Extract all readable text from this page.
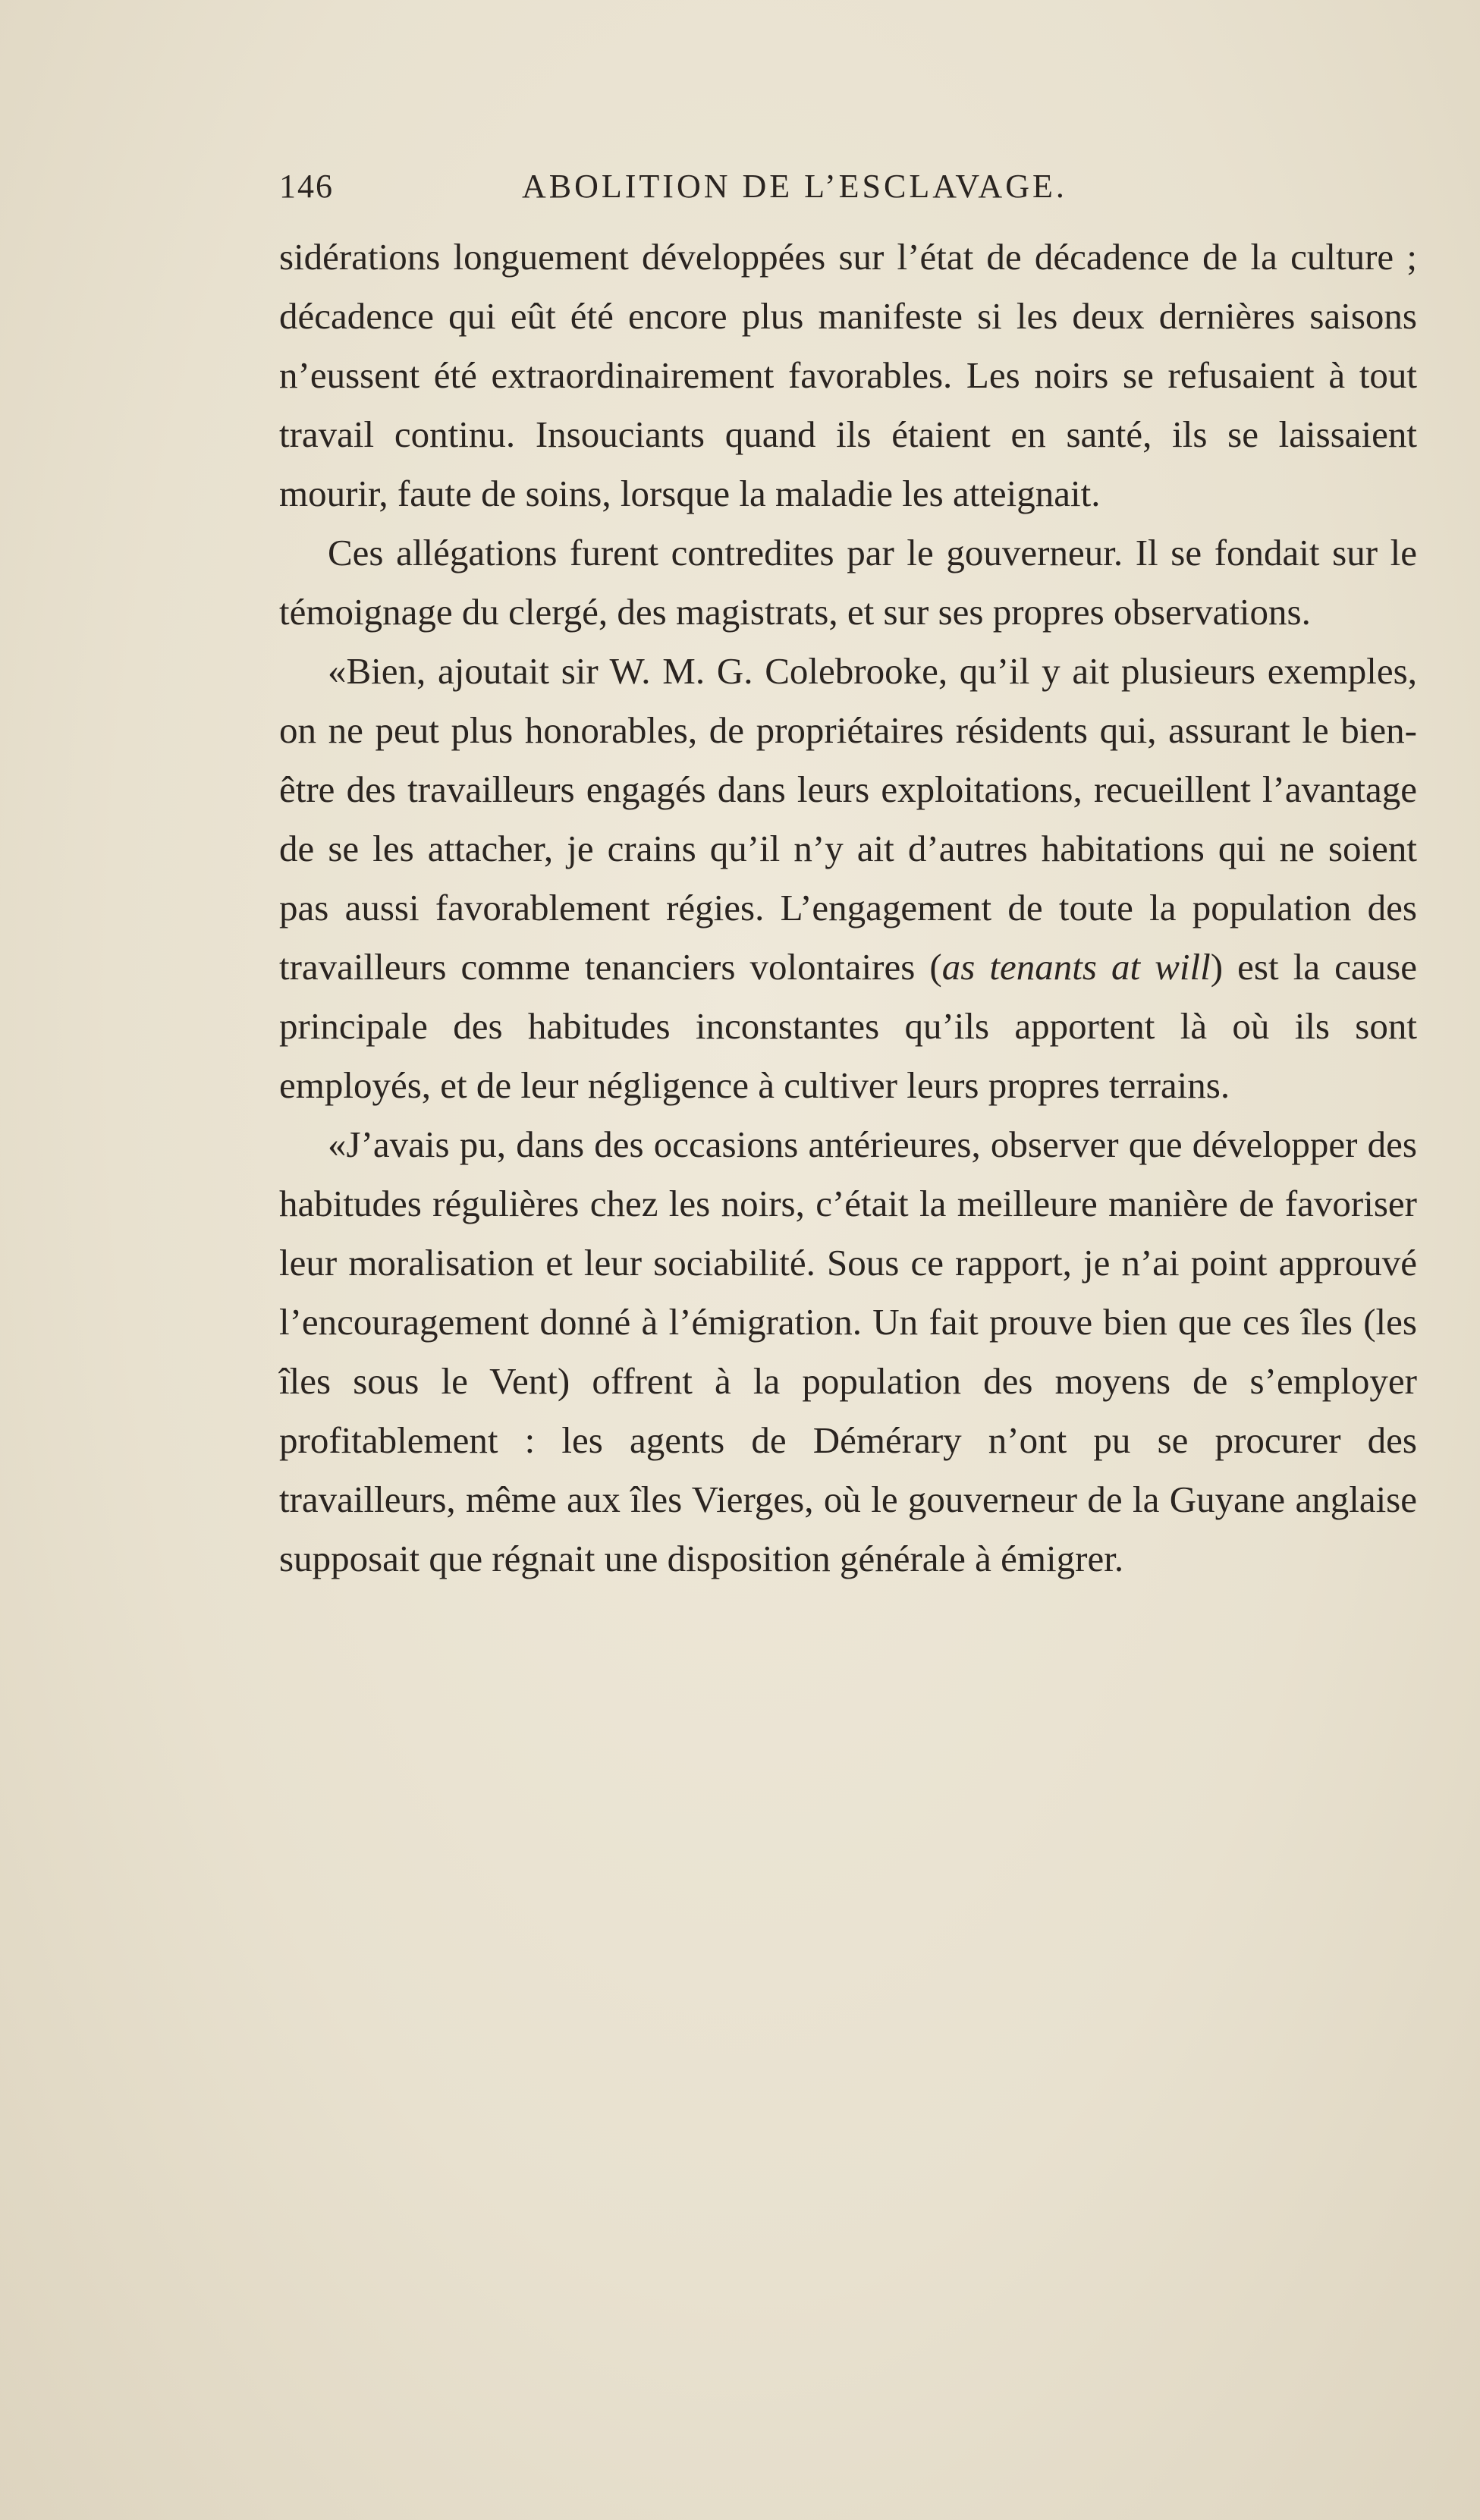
146	ABOLITION DE L’ESCLAVAGE.

sidérations longuement développées sur l’état de décadence de la culture ; décadence qui eût été encore plus manifeste si les deux dernières saisons n’eussent été extraordinairement favorables. Les noirs se refusaient à tout travail continu. Insouciants quand ils étaient en santé, ils se laissaient mourir, faute de soins, lorsque la maladie les atteignait.

Ces allégations furent contredites par le gouverneur. Il se fondait sur le témoignage du clergé, des magistrats, et sur ses propres observations.

«Bien, ajoutait sir W. M. G. Colebrooke, qu’il y ait plusieurs exemples, on ne peut plus honorables, de propriétaires résidents qui, assurant le bien-être des travailleurs engagés dans leurs exploitations, recueillent l’avantage de se les attacher, je crains qu’il n’y ait d’autres habitations qui ne soient pas aussi favorablement régies. L’engagement de toute la population des travailleurs comme tenanciers volontaires (as tenants at will) est la cause principale des habitudes inconstantes qu’ils apportent là où ils sont employés, et de leur négligence à cultiver leurs propres terrains.

«J’avais pu, dans des occasions antérieures, observer que développer des habitudes régulières chez les noirs, c’était la meilleure manière de favoriser leur moralisation et leur sociabilité. Sous ce rapport, je n’ai point approuvé l’encouragement donné à l’émigration. Un fait prouve bien que ces îles (les îles sous le Vent) offrent à la population des moyens de s’employer profitablement : les agents de Démérary n’ont pu se procurer des travailleurs, même aux îles Vierges, où le gouverneur de la Guyane anglaise supposait que régnait une disposition générale à émigrer.
